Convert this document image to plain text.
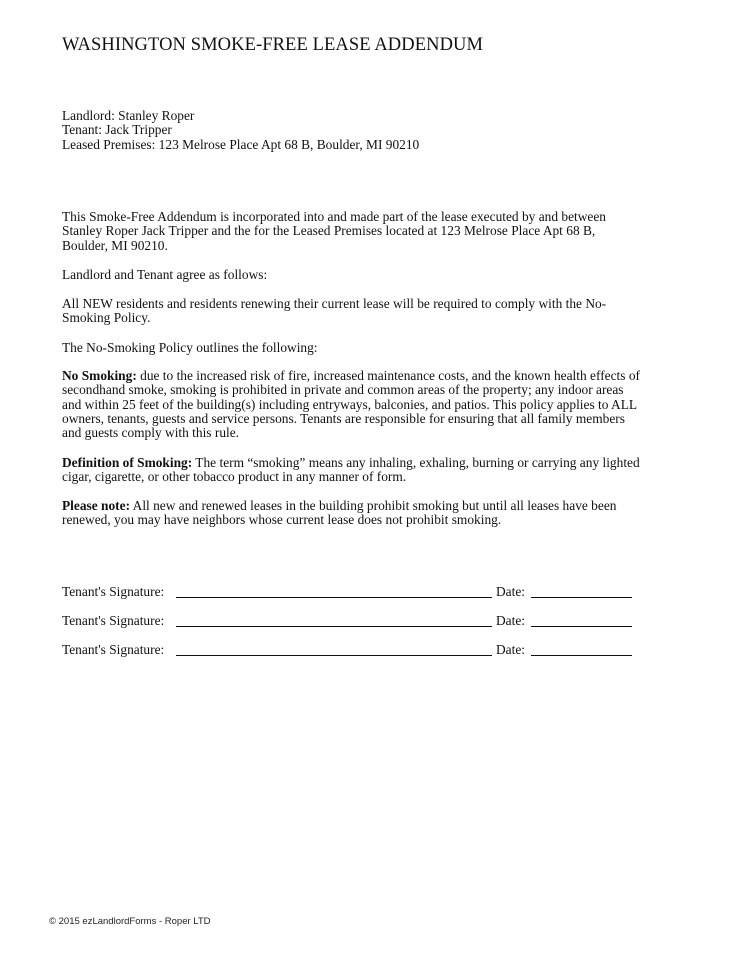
WASHINGTON SMOKE-FREE LEASE ADDENDUM
Landlord: Stanley Roper
Tenant: Jack Tripper
Leased Premises: 123 Melrose Place Apt 68 B, Boulder, MI 90210
This Smoke-Free Addendum is incorporated into and made part of the lease executed by and between
Stanley Roper Jack Tripper and the for the Leased Premises located at 123 Melrose Place Apt 68 B,
Boulder, MI 90210.
Landlord and Tenant agree as follows:
All NEW residents and residents renewing their current lease will be required to comply with the No-
Smoking Policy.
The No-Smoking Policy outlines the following:
No Smoking: due to the increased risk of fire, increased maintenance costs, and the known health effects of
secondhand smoke, smoking is prohibited in private and common areas of the property; any indoor areas
and within 25 feet of the building(s) including entryways, balconies, and patios. This policy applies to ALL
owners, tenants, guests and service persons. Tenants are responsible for ensuring that all family members
and guests comply with this rule.
Definition of Smoking: The term “smoking” means any inhaling, exhaling, burning or carrying any lighted
cigar, cigarette, or other tobacco product in any manner of form.
Please note: All new and renewed leases in the building prohibit smoking but until all leases have been
renewed, you may have neighbors whose current lease does not prohibit smoking.
Tenant's Signature:	Date:
Tenant's Signature:	Date:
Tenant's Signature:	Date:
© 2015 ezLandlordForms - Roper LTD
